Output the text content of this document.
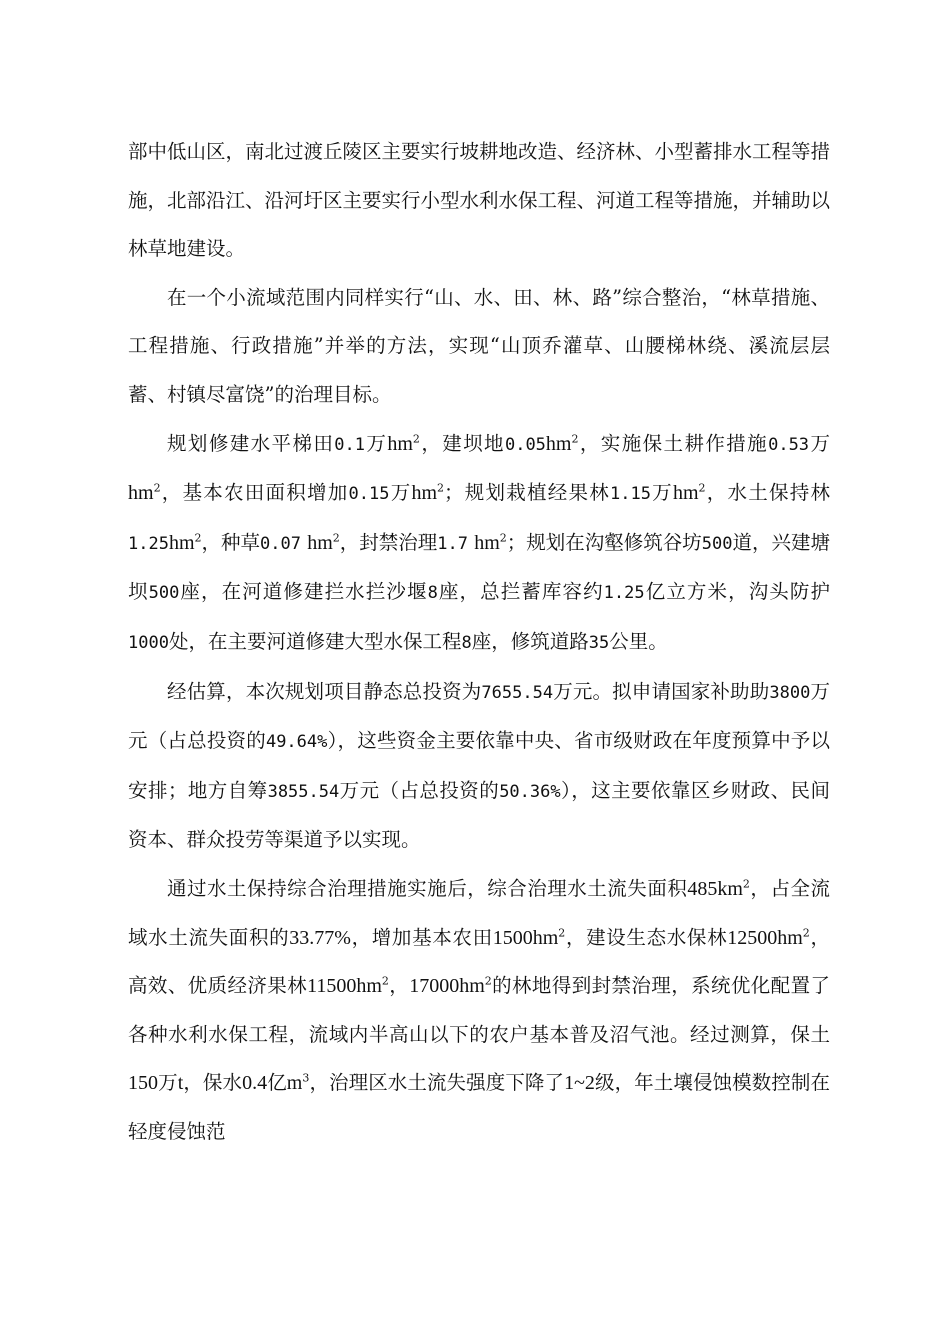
部中低山区，南北过渡丘陵区主要实行坡耕地改造、经济林、小型蓄排水工程等措施，北部沿江、沿河圩区主要实行小型水利水保工程、河道工程等措施，并辅助以林草地建设。

在一个小流域范围内同样实行“山、水、田、林、路”综合整治，“林草措施、工程措施、行政措施”并举的方法，实现“山顶乔灌草、山腰梯林绕、溪流层层蓄、村镇尽富饶”的治理目标。

规划修建水平梯田0.1万$hm^2$，建坝地$0.05hm^2$，实施保土耕作措施0.53万$hm^2$，基本农田面积增加0.15万$hm^2$；规划栽植经果林1.15万$hm^2$，水土保持林$1.25hm^2$，种草0.07 $hm^2$，封禁治理1.7 $hm^2$；规划在沟壑修筑谷坊500道，兴建塘坝500座，在河道修建拦水拦沙堰8座，总拦蓄库容约1.25亿立方米，沟头防护1000处，在主要河道修建大型水保工程8座，修筑道路35公里。

经估算，本次规划项目静态总投资为7655.54万元。拟申请国家补助助3800万元（占总投资的49.64%），这些资金主要依靠中央、省市级财政在年度预算中予以安排；地方自筹3855.54万元（占总投资的50.36%），这主要依靠区乡财政、民间资本、群众投劳等渠道予以实现。

通过水土保持综合治理措施实施后，综合治理水土流失面积$485km^2$，占全流域水土流失面积的33.77%，增加基本农田$1500hm^2$，建设生态水保林$12500hm^2$，高效、优质经济果林$11500hm^2$，$17000hm^2$的林地得到封禁治理，系统优化配置了各种水利水保工程，流域内半高山以下的农户基本普及沼气池。经过测算，保土150万t，保水0.4亿$m^3$，治理区水土流失强度下降了1~2级，年土壤侵蚀模数控制在轻度侵蚀范
